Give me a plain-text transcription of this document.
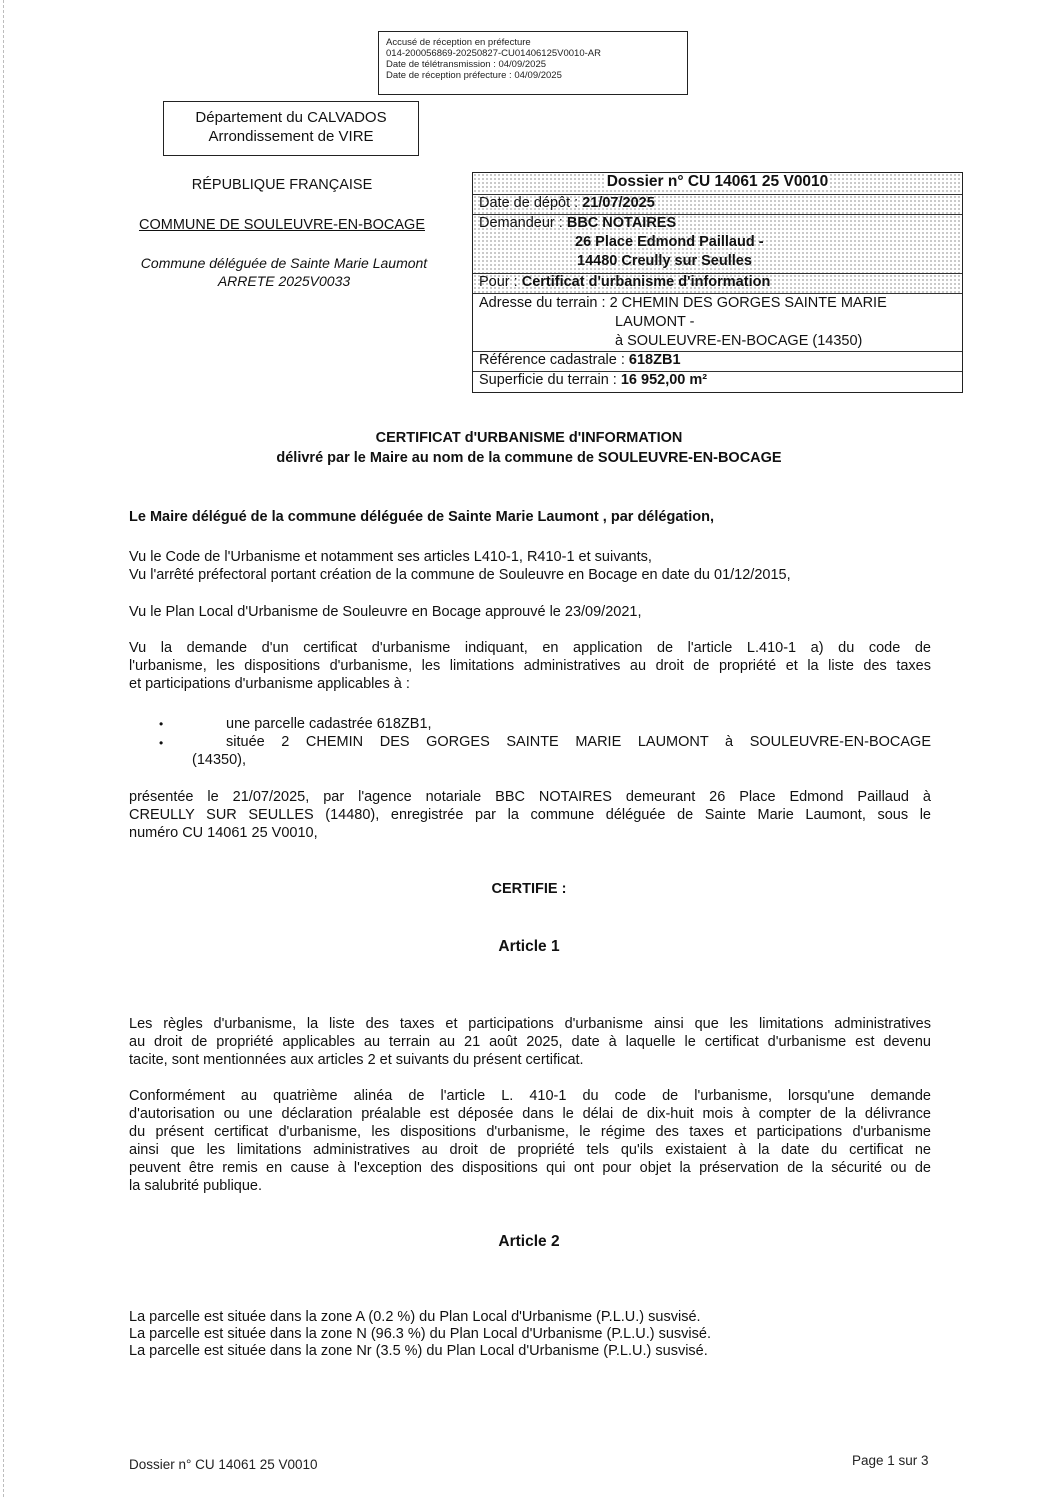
Accusé de réception en préfecture
014-200056869-20250827-CU01406125V0010-AR
Date de télétransmission : 04/09/2025
Date de réception préfecture : 04/09/2025
Département du CALVADOS
Arrondissement de VIRE
RÉPUBLIQUE FRANÇAISE
COMMUNE DE SOULEUVRE-EN-BOCAGE
Commune déléguée de Sainte Marie Laumont
ARRETE 2025V0033
Dossier n° CU 14061 25 V0010
Date de dépôt : 21/07/2025
Demandeur : BBC NOTAIRES
26 Place Edmond Paillaud -
14480 Creully sur Seulles
Pour : Certificat d'urbanisme d'information
Adresse du terrain : 2 CHEMIN DES GORGES SAINTE MARIE
LAUMONT -
à SOULEUVRE-EN-BOCAGE (14350)
Référence cadastrale : 618ZB1
Superficie du terrain : 16 952,00 m²
CERTIFICAT d'URBANISME d'INFORMATION
délivré par le Maire au nom de la commune de SOULEUVRE-EN-BOCAGE
Le Maire délégué de la commune déléguée de Sainte Marie Laumont , par délégation,
Vu le Code de l'Urbanisme et notamment ses articles L410-1, R410-1 et suivants,
Vu l'arrêté préfectoral portant création de la commune de Souleuvre en Bocage en date du 01/12/2015,
Vu le Plan Local d'Urbanisme de Souleuvre en Bocage approuvé le 23/09/2021,
Vu la demande d'un certificat d'urbanisme indiquant, en application de l'article L.410-1 a) du code de
l'urbanisme, les dispositions d'urbanisme, les limitations administratives au droit de propriété et la liste des taxes
et participations d'urbanisme applicables à :
•	une parcelle cadastrée 618ZB1,
•	située 2 CHEMIN DES GORGES SAINTE MARIE LAUMONT à SOULEUVRE-EN-BOCAGE
(14350),
présentée le 21/07/2025, par l'agence notariale BBC NOTAIRES demeurant 26 Place Edmond Paillaud à
CREULLY SUR SEULLES (14480), enregistrée par la commune déléguée de Sainte Marie Laumont, sous le
numéro CU 14061 25 V0010,
CERTIFIE :
Article 1
Les règles d'urbanisme, la liste des taxes et participations d'urbanisme ainsi que les limitations administratives
au droit de propriété applicables au terrain au 21 août 2025, date à laquelle le certificat d'urbanisme est devenu
tacite, sont mentionnées aux articles 2 et suivants du présent certificat.
Conformément au quatrième alinéa de l'article L. 410-1 du code de l'urbanisme, lorsqu'une demande
d'autorisation ou une déclaration préalable est déposée dans le délai de dix-huit mois à compter de la délivrance
du présent certificat d'urbanisme, les dispositions d'urbanisme, le régime des taxes et participations d'urbanisme
ainsi que les limitations administratives au droit de propriété tels qu'ils existaient à la date du certificat ne
peuvent être remis en cause à l'exception des dispositions qui ont pour objet la préservation de la sécurité ou de
la salubrité publique.
Article 2
La parcelle est située dans la zone A (0.2 %) du Plan Local d'Urbanisme (P.L.U.) susvisé.
La parcelle est située dans la zone N (96.3 %) du Plan Local d'Urbanisme (P.L.U.) susvisé.
La parcelle est située dans la zone Nr (3.5 %) du Plan Local d'Urbanisme (P.L.U.) susvisé.
Dossier n° CU 14061 25 V0010	Page 1 sur 3
